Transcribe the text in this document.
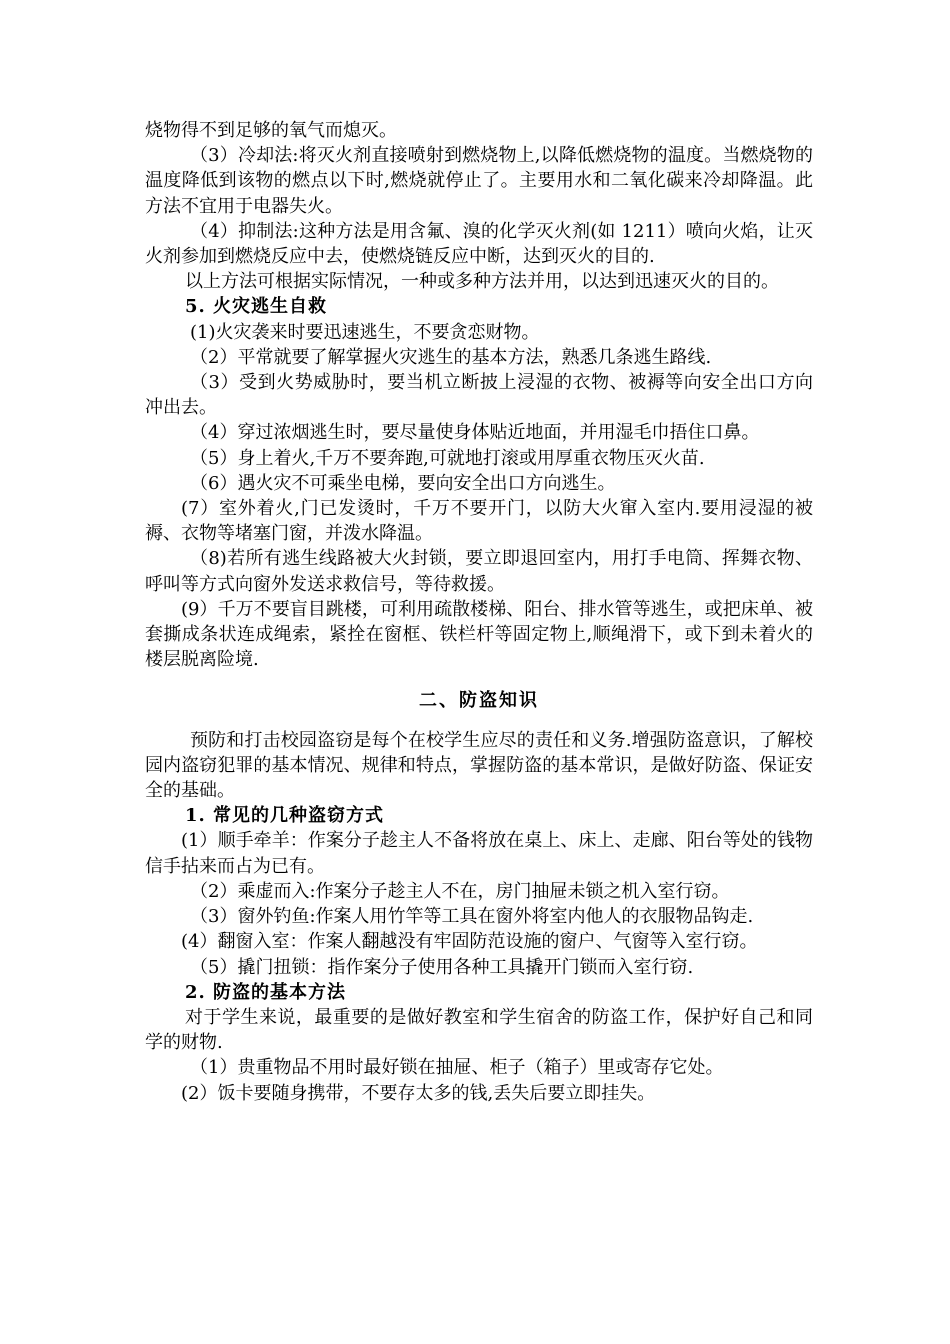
烧物得不到足够的氧气而熄灭。

（3）冷却法:将灭火剂直接喷射到燃烧物上,以降低燃烧物的温度。当燃烧物的温度降低到该物的燃点以下时,燃烧就停止了。主要用水和二氧化碳来冷却降温。此方法不宜用于电器失火。

（4）抑制法:这种方法是用含氟、溴的化学灭火剂(如 1211）喷向火焰，让灭火剂参加到燃烧反应中去，使燃烧链反应中断，达到灭火的目的.

以上方法可根据实际情况，一种或多种方法并用，以达到迅速灭火的目的。

5. 火灾逃生自救

(1)火灾袭来时要迅速逃生，不要贪恋财物。

（2）平常就要了解掌握火灾逃生的基本方法，熟悉几条逃生路线.

（3）受到火势威胁时，要当机立断披上浸湿的衣物、被褥等向安全出口方向冲出去。

（4）穿过浓烟逃生时，要尽量使身体贴近地面，并用湿毛巾捂住口鼻。

（5）身上着火,千万不要奔跑,可就地打滚或用厚重衣物压灭火苗.

（6）遇火灾不可乘坐电梯，要向安全出口方向逃生。

(7）室外着火,门已发烫时，千万不要开门，以防大火窜入室内.要用浸湿的被褥、衣物等堵塞门窗，并泼水降温。

（8)若所有逃生线路被大火封锁，要立即退回室内，用打手电筒、挥舞衣物、呼叫等方式向窗外发送求救信号，等待救援。

(9）千万不要盲目跳楼，可利用疏散楼梯、阳台、排水管等逃生，或把床单、被套撕成条状连成绳索，紧拴在窗框、铁栏杆等固定物上,顺绳滑下，或下到未着火的楼层脱离险境.

二、防盗知识

预防和打击校园盗窃是每个在校学生应尽的责任和义务.增强防盗意识，了解校园内盗窃犯罪的基本情况、规律和特点，掌握防盗的基本常识，是做好防盗、保证安全的基础。

1. 常见的几种盗窃方式

(1）顺手牵羊：作案分子趁主人不备将放在桌上、床上、走廊、阳台等处的钱物信手拈来而占为已有。

（2）乘虚而入:作案分子趁主人不在，房门抽屉未锁之机入室行窃。

（3）窗外钓鱼:作案人用竹竿等工具在窗外将室内他人的衣服物品钩走.

(4）翻窗入室：作案人翻越没有牢固防范设施的窗户、气窗等入室行窃。

（5）撬门扭锁：指作案分子使用各种工具撬开门锁而入室行窃.

2. 防盗的基本方法

对于学生来说，最重要的是做好教室和学生宿舍的防盗工作，保护好自己和同学的财物.

（1）贵重物品不用时最好锁在抽屉、柜子（箱子）里或寄存它处。

(2）饭卡要随身携带，不要存太多的钱,丢失后要立即挂失。
